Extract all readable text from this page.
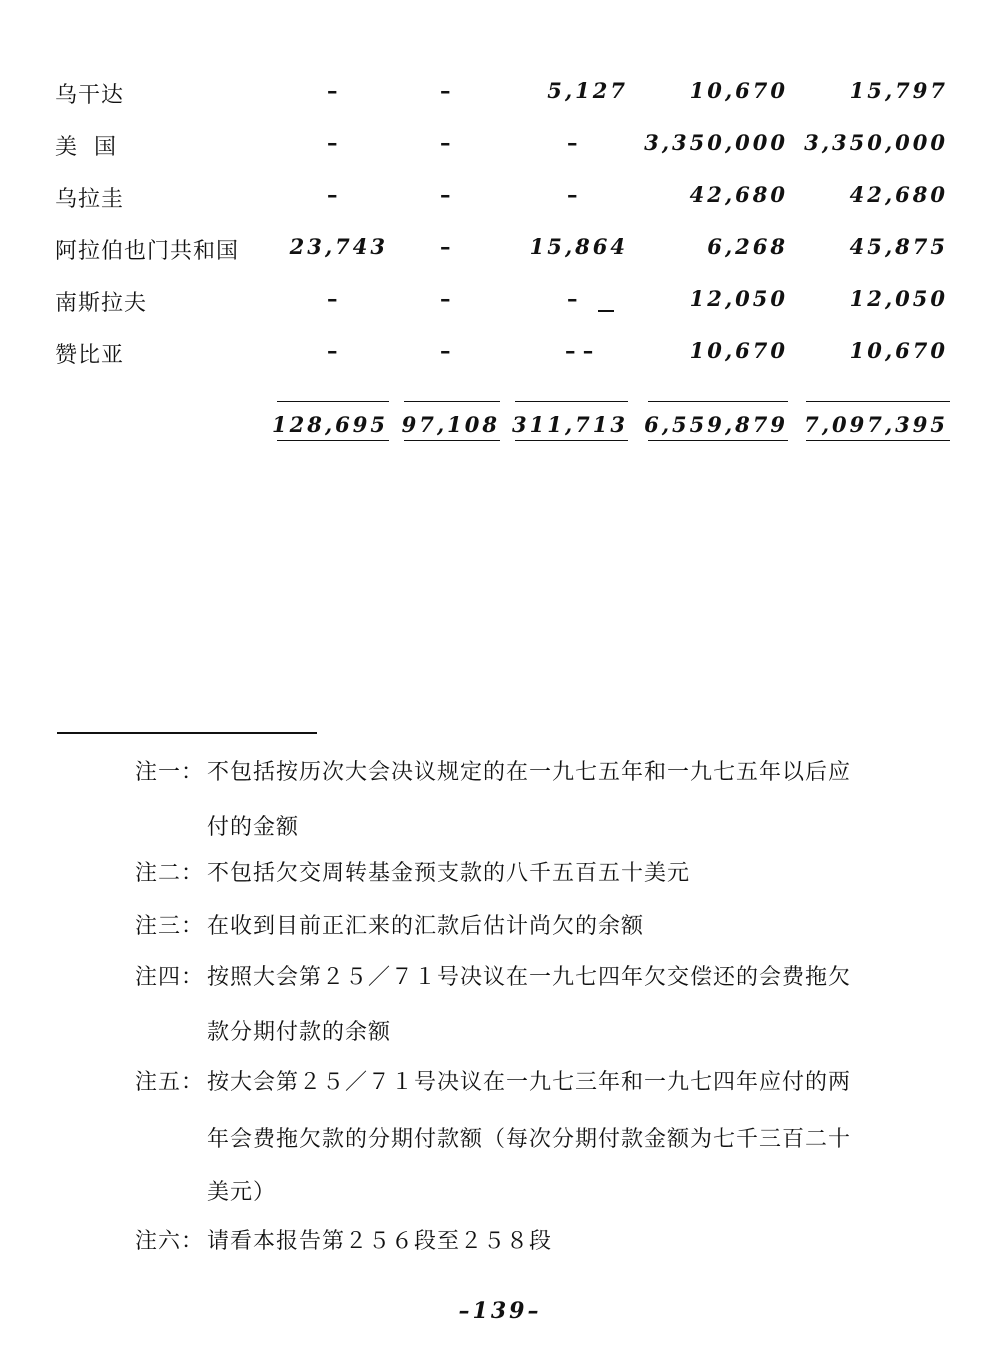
乌干达	–	–	5,127	10,670	15,797
美  国	–	–	–	3,350,000 3,350,000
乌拉圭	–	–	–	42,680	42,680
阿拉伯也门共和国 23,743 –	15,864	6,268	45,875
南斯拉夫	–	–	–	12,050	12,050
赞比亚	–	–	– –	10,670	10,670
128,695 97,108 311,713 6,559,879 7,097,395
注一： 不包括按历次大会决议规定的在一九七五年和一九七五年以后应
付的金额
注二： 不包括欠交周转基金预支款的八千五百五十美元
注三： 在收到目前正汇来的汇款后估计尚欠的余额
注四： 按照大会第２５／７１号决议在一九七四年欠交偿还的会费拖欠
款分期付款的余额
注五： 按大会第２５／７１号决议在一九七三年和一九七四年应付的两
年会费拖欠款的分期付款额（每次分期付款金额为七千三百二十
美元）
注六： 请看本报告第２５６段至２５８段
–139–
